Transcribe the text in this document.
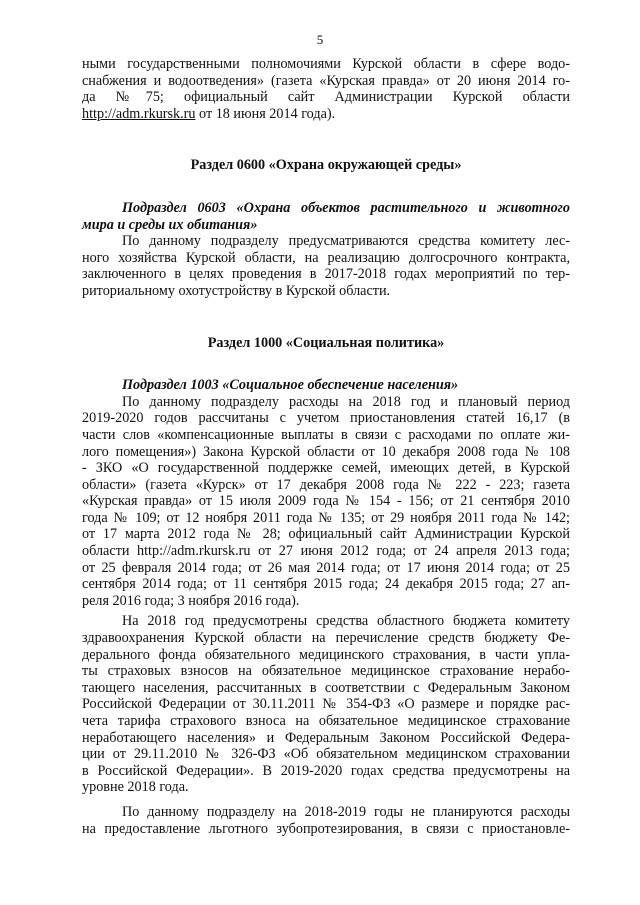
5
ными государственными полномочиями Курской области в сфере водо-
снабжения и водоотведения» (газета «Курская правда» от 20 июня 2014 го-
да №75; официальный сайт Администрации Курской области
http://adm.rkursk.ru от 18 июня 2014 года).
Раздел 0600 «Охрана окружающей среды»
Подраздел 0603 «Охрана объектов растительного и животного
мира и среды их обитания»
По данному подразделу предусматриваются средства комитету лес-
ного хозяйства Курской области, на реализацию долгосрочного контракта,
заключенного в целях проведения в 2017-2018 годах мероприятий по тер-
риториальному охотустройству в Курской области.
Раздел 1000 «Социальная политика»
Подраздел 1003 «Социальное обеспечение населения»
По данному подразделу расходы на 2018 год и плановый период
2019-2020 годов рассчитаны с учетом приостановления статей 16,17 (в
части слов «компенсационные выплаты в связи с расходами по оплате жи-
лого помещения») Закона Курской области от 10 декабря 2008 года № 108
- ЗКО «О государственной поддержке семей, имеющих детей, в Курской
области» (газета «Курск» от 17 декабря 2008 года № 222 - 223; газета
«Курская правда» от 15 июля 2009 года № 154 - 156; от 21 сентября 2010
года № 109; от 12 ноября 2011 года № 135; от 29 ноября 2011 года № 142;
от 17 марта 2012 года № 28; официальный сайт Администрации Курской
области http://adm.rkursk.ru от 27 июня 2012 года; от 24 апреля 2013 года;
от 25 февраля 2014 года; от 26 мая 2014 года; от 17 июня 2014 года; от 25
сентября 2014 года; от 11 сентября 2015 года; 24 декабря 2015 года; 27 ап-
реля 2016 года; 3 ноября 2016 года).
На 2018 год предусмотрены средства областного бюджета комитету
здравоохранения Курской области на перечисление средств бюджету Фе-
дерального фонда обязательного медицинского страхования, в части упла-
ты страховых взносов на обязательное медицинское страхование нерабо-
тающего населения, рассчитанных в соответствии с Федеральным Законом
Российской Федерации от 30.11.2011 № 354-ФЗ «О размере и порядке рас-
чета тарифа страхового взноса на обязательное медицинское страхование
неработающего населения» и Федеральным Законом Российской Федера-
ции от 29.11.2010 № 326-ФЗ «Об обязательном медицинском страховании
в Российской Федерации». В 2019-2020 годах средства предусмотрены на
уровне 2018 года.
По данному подразделу на 2018-2019 годы не планируются расходы
на предоставление льготного зубопротезирования, в связи с приостановле-
